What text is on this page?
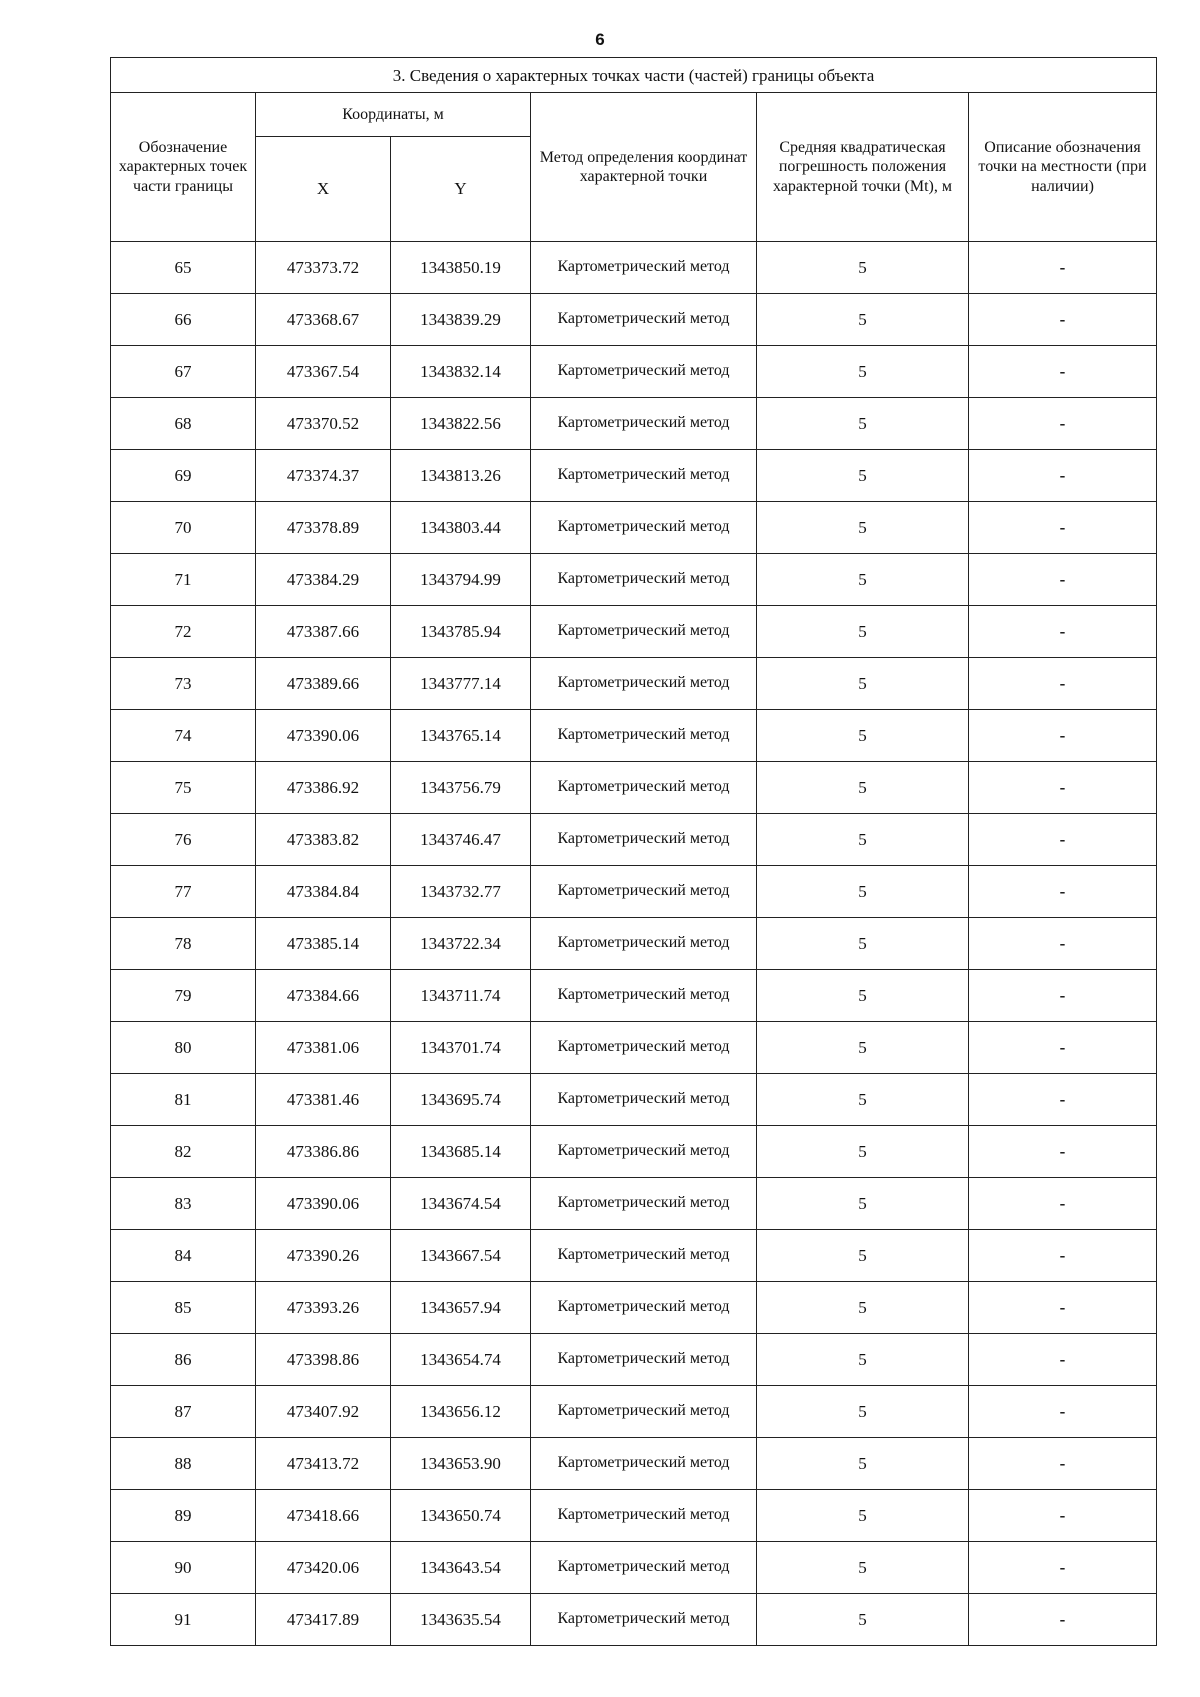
6
3. Сведения о характерных точках части (частей) границы объекта					
Обозначение характерных точек части границы	Координаты, м		Метод определения координат характерной точки	Средняя квадратическая погрешность положения характерной точки (Mt), м	Описание обозначения точки на местности (при наличии)
	X	Y			
65	473373.72	1343850.19	Картометрический метод	5	-
66	473368.67	1343839.29	Картометрический метод	5	-
67	473367.54	1343832.14	Картометрический метод	5	-
68	473370.52	1343822.56	Картометрический метод	5	-
69	473374.37	1343813.26	Картометрический метод	5	-
70	473378.89	1343803.44	Картометрический метод	5	-
71	473384.29	1343794.99	Картометрический метод	5	-
72	473387.66	1343785.94	Картометрический метод	5	-
73	473389.66	1343777.14	Картометрический метод	5	-
74	473390.06	1343765.14	Картометрический метод	5	-
75	473386.92	1343756.79	Картометрический метод	5	-
76	473383.82	1343746.47	Картометрический метод	5	-
77	473384.84	1343732.77	Картометрический метод	5	-
78	473385.14	1343722.34	Картометрический метод	5	-
79	473384.66	1343711.74	Картометрический метод	5	-
80	473381.06	1343701.74	Картометрический метод	5	-
81	473381.46	1343695.74	Картометрический метод	5	-
82	473386.86	1343685.14	Картометрический метод	5	-
83	473390.06	1343674.54	Картометрический метод	5	-
84	473390.26	1343667.54	Картометрический метод	5	-
85	473393.26	1343657.94	Картометрический метод	5	-
86	473398.86	1343654.74	Картометрический метод	5	-
87	473407.92	1343656.12	Картометрический метод	5	-
88	473413.72	1343653.90	Картометрический метод	5	-
89	473418.66	1343650.74	Картометрический метод	5	-
90	473420.06	1343643.54	Картометрический метод	5	-
91	473417.89	1343635.54	Картометрический метод	5	-
